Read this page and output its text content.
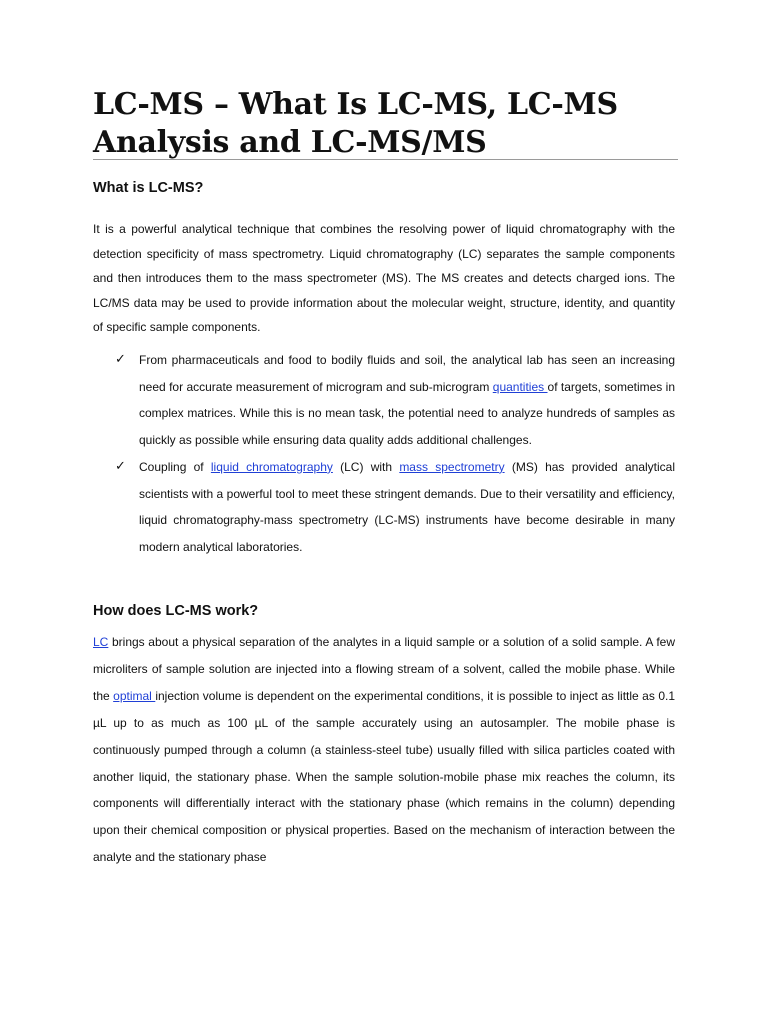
LC-MS – What Is LC-MS, LC-MS Analysis and LC-MS/MS
What is LC-MS?

It is a powerful analytical technique that combines the resolving power of liquid chromatography with the detection specificity of mass spectrometry. Liquid chromatography (LC) separates the sample components and then introduces them to the mass spectrometer (MS). The MS creates and detects charged ions. The LC/MS data may be used to provide information about the molecular weight, structure, identity, and quantity of specific sample components.

✓ From pharmaceuticals and food to bodily fluids and soil, the analytical lab has seen an increasing need for accurate measurement of microgram and sub-microgram quantities of targets, sometimes in complex matrices. While this is no mean task, the potential need to analyze hundreds of samples as quickly as possible while ensuring data quality adds additional challenges.
✓ Coupling of liquid chromatography (LC) with mass spectrometry (MS) has provided analytical scientists with a powerful tool to meet these stringent demands. Due to their versatility and efficiency, liquid chromatography-mass spectrometry (LC-MS) instruments have become desirable in many modern analytical laboratories.
How does LC-MS work?

LC brings about a physical separation of the analytes in a liquid sample or a solution of a solid sample. A few microliters of sample solution are injected into a flowing stream of a solvent, called the mobile phase. While the optimal injection volume is dependent on the experimental conditions, it is possible to inject as little as 0.1 µL up to as much as 100 µL of the sample accurately using an autosampler. The mobile phase is continuously pumped through a column (a stainless-steel tube) usually filled with silica particles coated with another liquid, the stationary phase. When the sample solution-mobile phase mix reaches the column, its components will differentially interact with the stationary phase (which remains in the column) depending upon their chemical composition or physical properties. Based on the mechanism of interaction between the analyte and the stationary phase
